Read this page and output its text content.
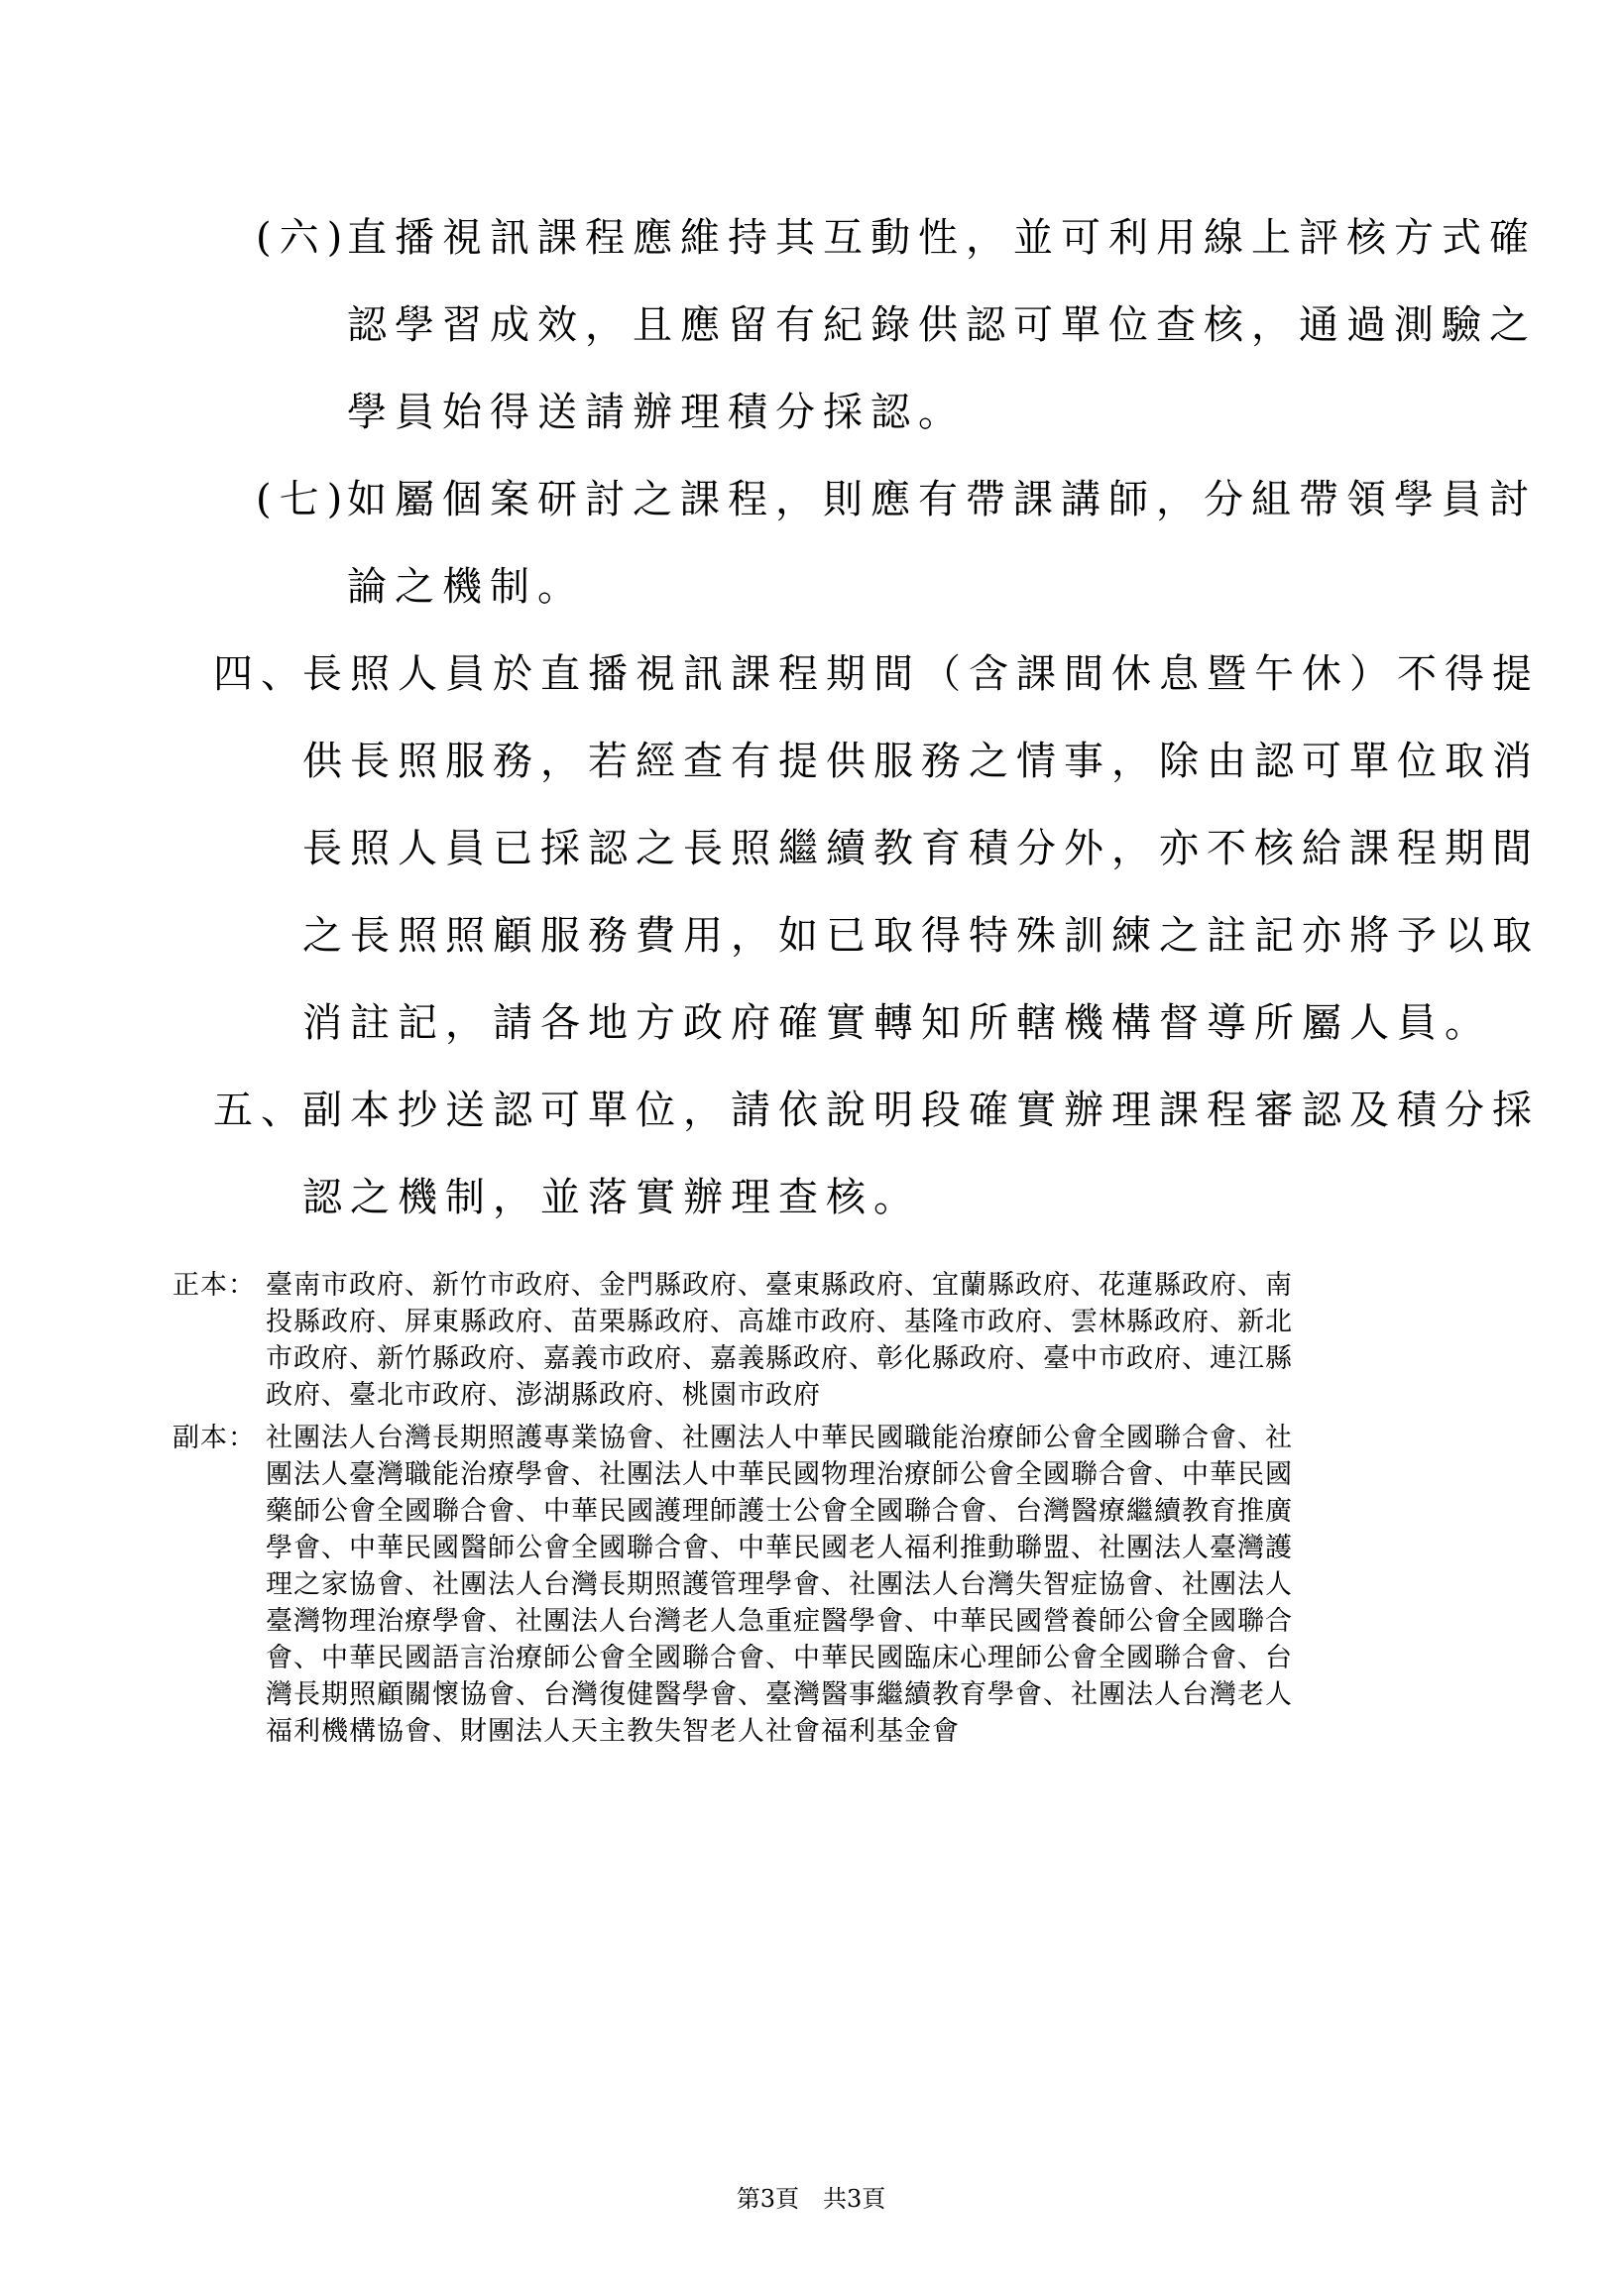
(六)
直播視訊課程應維持其互動性，並可利用線上評核方式確
認學習成效，且應留有紀錄供認可單位查核，通過測驗之
學員始得送請辦理積分採認。
(七)
如屬個案研討之課程，則應有帶課講師，分組帶領學員討
論之機制。
四、
長照人員於直播視訊課程期間（含課間休息暨午休）不得提
供長照服務，若經查有提供服務之情事，除由認可單位取消
長照人員已採認之長照繼續教育積分外，亦不核給課程期間
之長照照顧服務費用，如已取得特殊訓練之註記亦將予以取
消註記，請各地方政府確實轉知所轄機構督導所屬人員。
五、
副本抄送認可單位，請依說明段確實辦理課程審認及積分採
認之機制，並落實辦理查核。
正本： 臺南市政府、新竹市政府、金門縣政府、臺東縣政府、宜蘭縣政府、花蓮縣政府、南
投縣政府、屏東縣政府、苗栗縣政府、高雄市政府、基隆市政府、雲林縣政府、新北
市政府、新竹縣政府、嘉義市政府、嘉義縣政府、彰化縣政府、臺中市政府、連江縣
政府、臺北市政府、澎湖縣政府、桃園市政府
副本： 社團法人台灣長期照護專業協會、社團法人中華民國職能治療師公會全國聯合會、社
團法人臺灣職能治療學會、社團法人中華民國物理治療師公會全國聯合會、中華民國
藥師公會全國聯合會、中華民國護理師護士公會全國聯合會、台灣醫療繼續教育推廣
學會、中華民國醫師公會全國聯合會、中華民國老人福利推動聯盟、社團法人臺灣護
理之家協會、社團法人台灣長期照護管理學會、社團法人台灣失智症協會、社團法人
臺灣物理治療學會、社團法人台灣老人急重症醫學會、中華民國營養師公會全國聯合
會、中華民國語言治療師公會全國聯合會、中華民國臨床心理師公會全國聯合會、台
灣長期照顧關懷協會、台灣復健醫學會、臺灣醫事繼續教育學會、社團法人台灣老人
福利機構協會、財團法人天主教失智老人社會福利基金會
第3頁　共3頁
